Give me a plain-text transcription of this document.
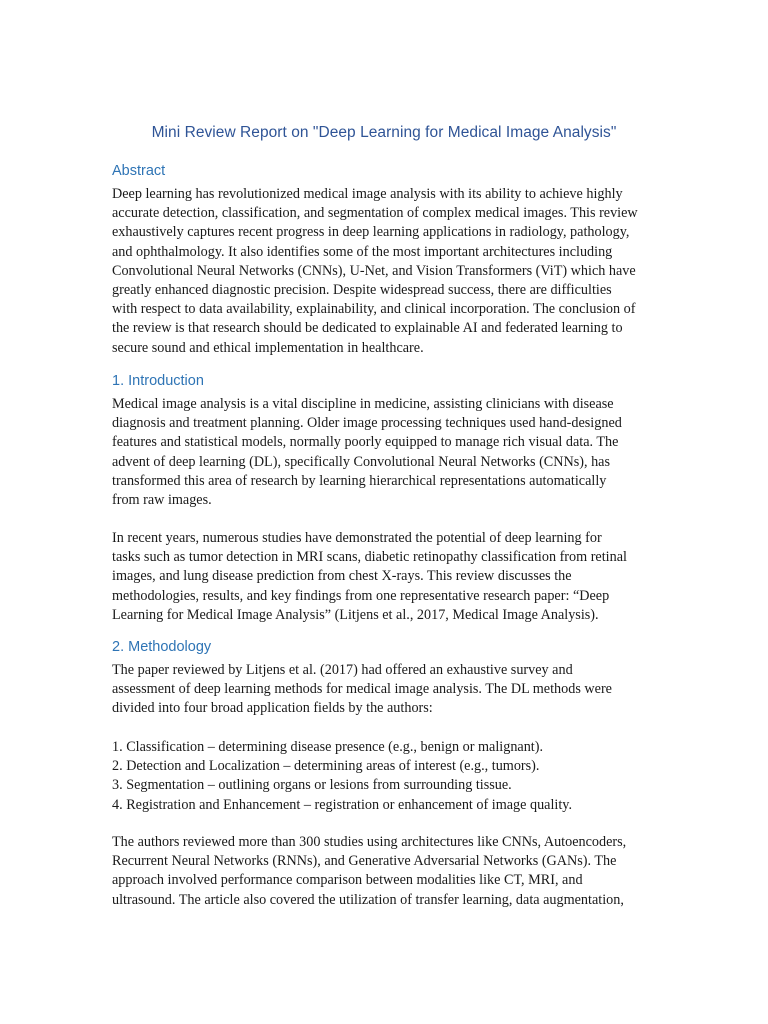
Mini Review Report on "Deep Learning for Medical Image Analysis"
Abstract
Deep learning has revolutionized medical image analysis with its ability to achieve highly
accurate detection, classification, and segmentation of complex medical images. This review
exhaustively captures recent progress in deep learning applications in radiology, pathology,
and ophthalmology. It also identifies some of the most important architectures including
Convolutional Neural Networks (CNNs), U-Net, and Vision Transformers (ViT) which have
greatly enhanced diagnostic precision. Despite widespread success, there are difficulties
with respect to data availability, explainability, and clinical incorporation. The conclusion of
the review is that research should be dedicated to explainable AI and federated learning to
secure sound and ethical implementation in healthcare.
1. Introduction
Medical image analysis is a vital discipline in medicine, assisting clinicians with disease
diagnosis and treatment planning. Older image processing techniques used hand-designed
features and statistical models, normally poorly equipped to manage rich visual data. The
advent of deep learning (DL), specifically Convolutional Neural Networks (CNNs), has
transformed this area of research by learning hierarchical representations automatically
from raw images.
In recent years, numerous studies have demonstrated the potential of deep learning for
tasks such as tumor detection in MRI scans, diabetic retinopathy classification from retinal
images, and lung disease prediction from chest X-rays. This review discusses the
methodologies, results, and key findings from one representative research paper: “Deep
Learning for Medical Image Analysis” (Litjens et al., 2017, Medical Image Analysis).
2. Methodology
The paper reviewed by Litjens et al. (2017) had offered an exhaustive survey and
assessment of deep learning methods for medical image analysis. The DL methods were
divided into four broad application fields by the authors:
1. Classification – determining disease presence (e.g., benign or malignant).
2. Detection and Localization – determining areas of interest (e.g., tumors).
3. Segmentation – outlining organs or lesions from surrounding tissue.
4. Registration and Enhancement – registration or enhancement of image quality.
The authors reviewed more than 300 studies using architectures like CNNs, Autoencoders,
Recurrent Neural Networks (RNNs), and Generative Adversarial Networks (GANs). The
approach involved performance comparison between modalities like CT, MRI, and
ultrasound. The article also covered the utilization of transfer learning, data augmentation,
